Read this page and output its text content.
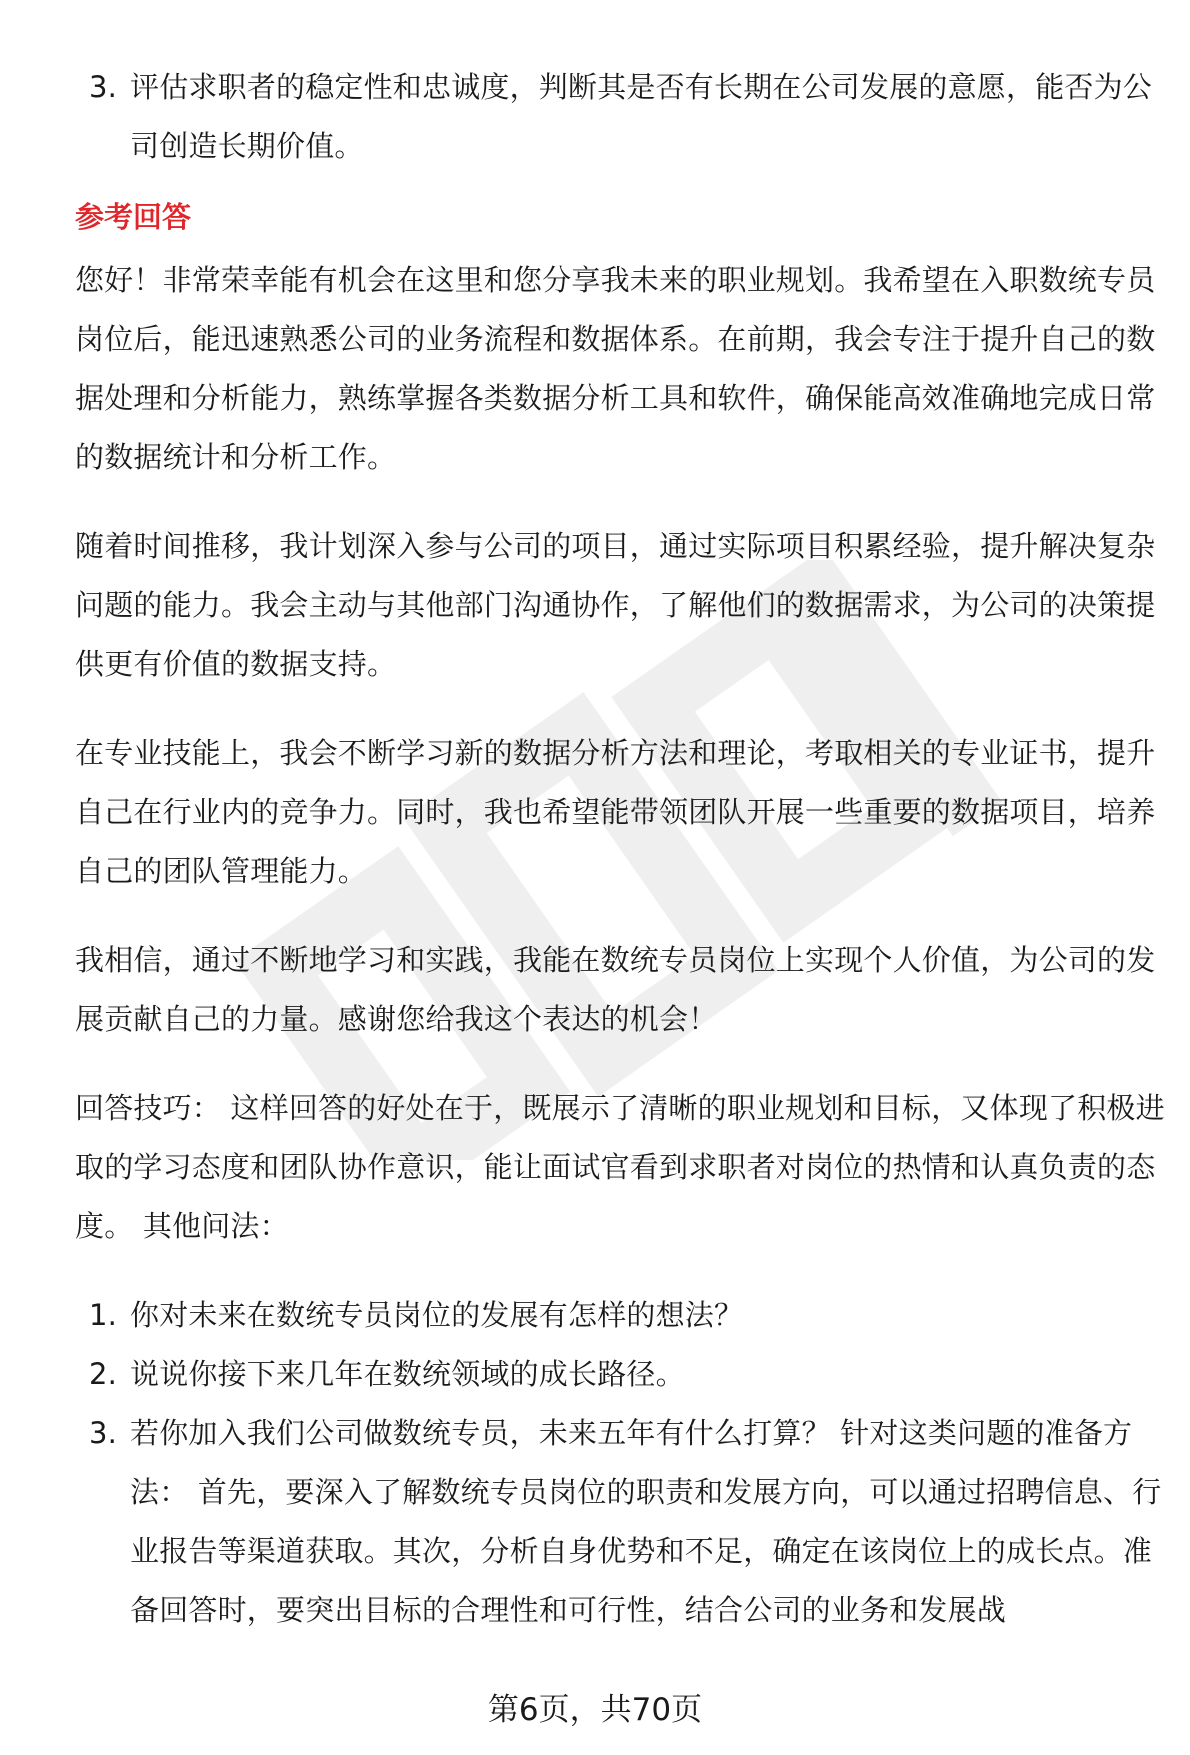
3. 评估求职者的稳定性和忠诚度，判断其是否有长期在公司发展的意愿，能否为公司创造长期价值。
参考回答

您好！非常荣幸能有机会在这里和您分享我未来的职业规划。我希望在入职数统专员岗位后，能迅速熟悉公司的业务流程和数据体系。在前期，我会专注于提升自己的数据处理和分析能力，熟练掌握各类数据分析工具和软件，确保能高效准确地完成日常的数据统计和分析工作。

随着时间推移，我计划深入参与公司的项目，通过实际项目积累经验，提升解决复杂问题的能力。我会主动与其他部门沟通协作，了解他们的数据需求，为公司的决策提供更有价值的数据支持。

在专业技能上，我会不断学习新的数据分析方法和理论，考取相关的专业证书，提升自己在行业内的竞争力。同时，我也希望能带领团队开展一些重要的数据项目，培养自己的团队管理能力。

我相信，通过不断地学习和实践，我能在数统专员岗位上实现个人价值，为公司的发展贡献自己的力量。感谢您给我这个表达的机会！

回答技巧： 这样回答的好处在于，既展示了清晰的职业规划和目标，又体现了积极进取的学习态度和团队协作意识，能让面试官看到求职者对岗位的热情和认真负责的态度。 其他问法：

1. 你对未来在数统专员岗位的发展有怎样的想法？
2. 说说你接下来几年在数统领域的成长路径。
3. 若你加入我们公司做数统专员，未来五年有什么打算？ 针对这类问题的准备方法： 首先，要深入了解数统专员岗位的职责和发展方向，可以通过招聘信息、行业报告等渠道获取。其次，分析自身优势和不足，确定在该岗位上的成长点。准备回答时，要突出目标的合理性和可行性，结合公司的业务和发展战
第6页，共70页
